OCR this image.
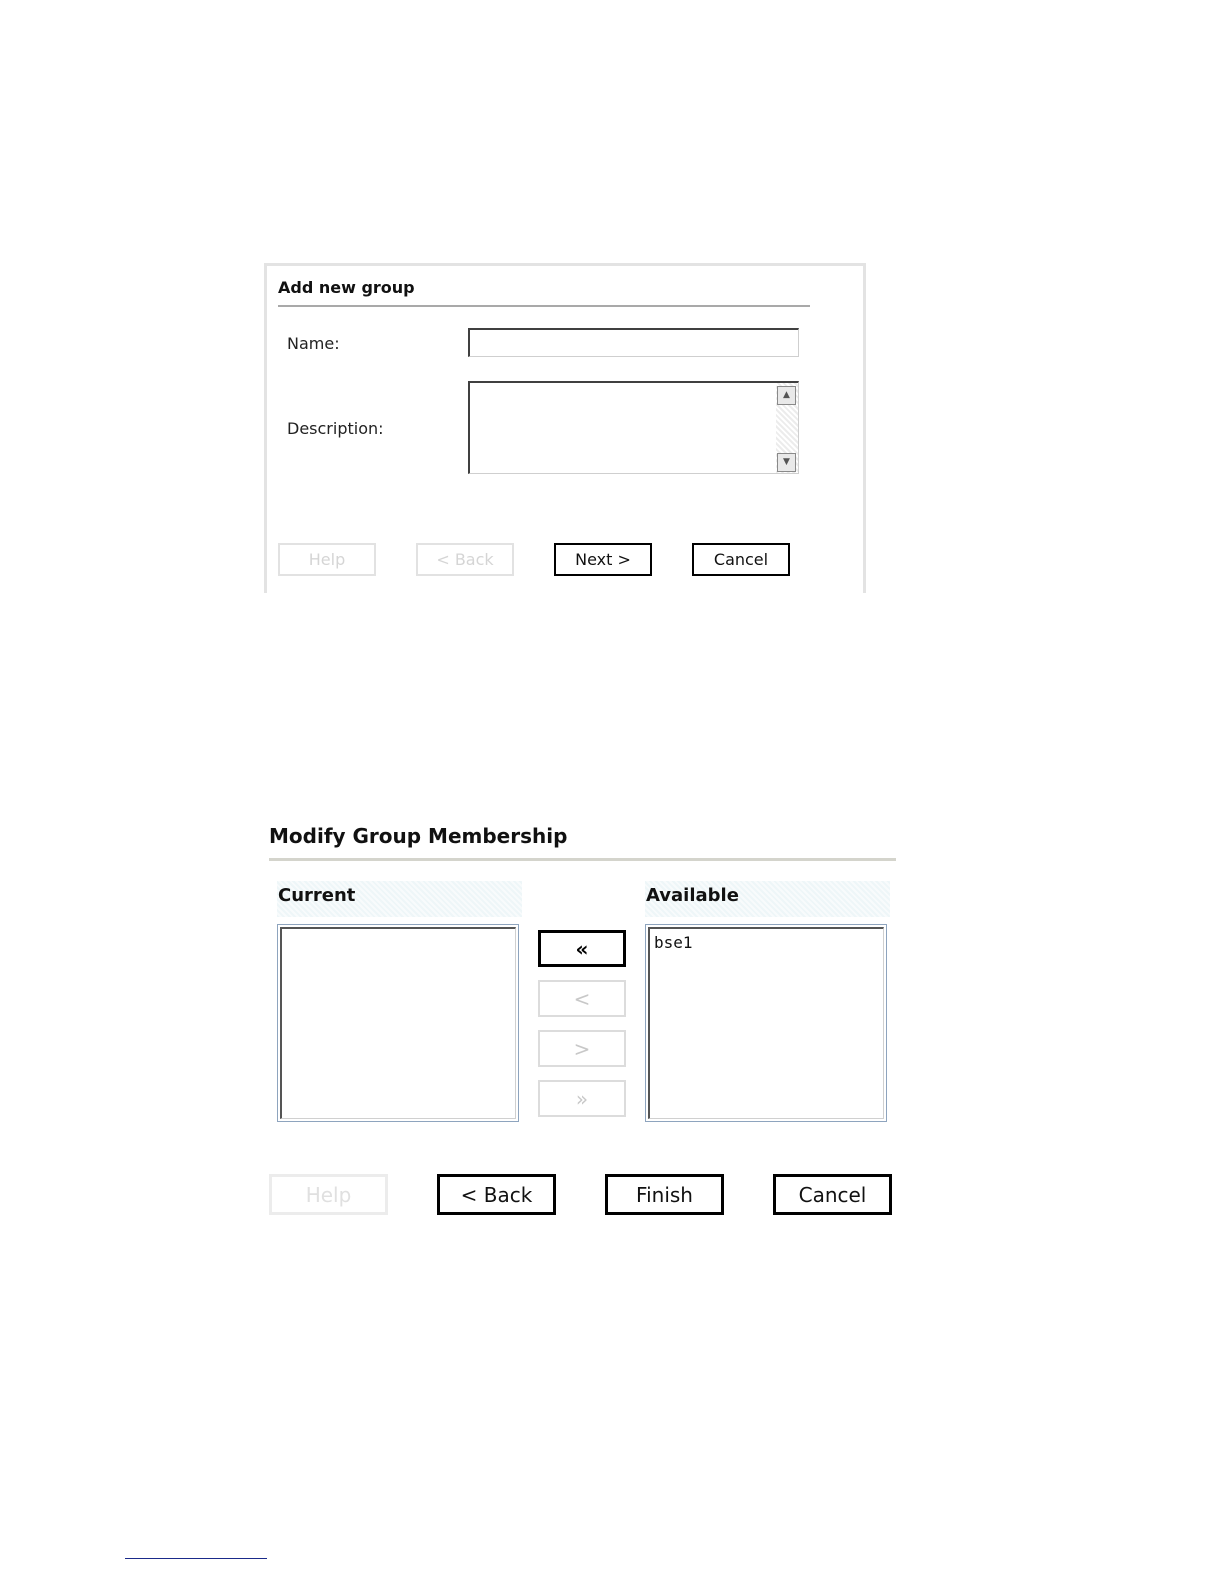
Add new group
Name:
Description:
▲
▼
Help	< Back	Next >	Cancel
Modify Group Membership
Current	Available
bse1
«
<
>
»
Help	< Back	Finish	Cancel
